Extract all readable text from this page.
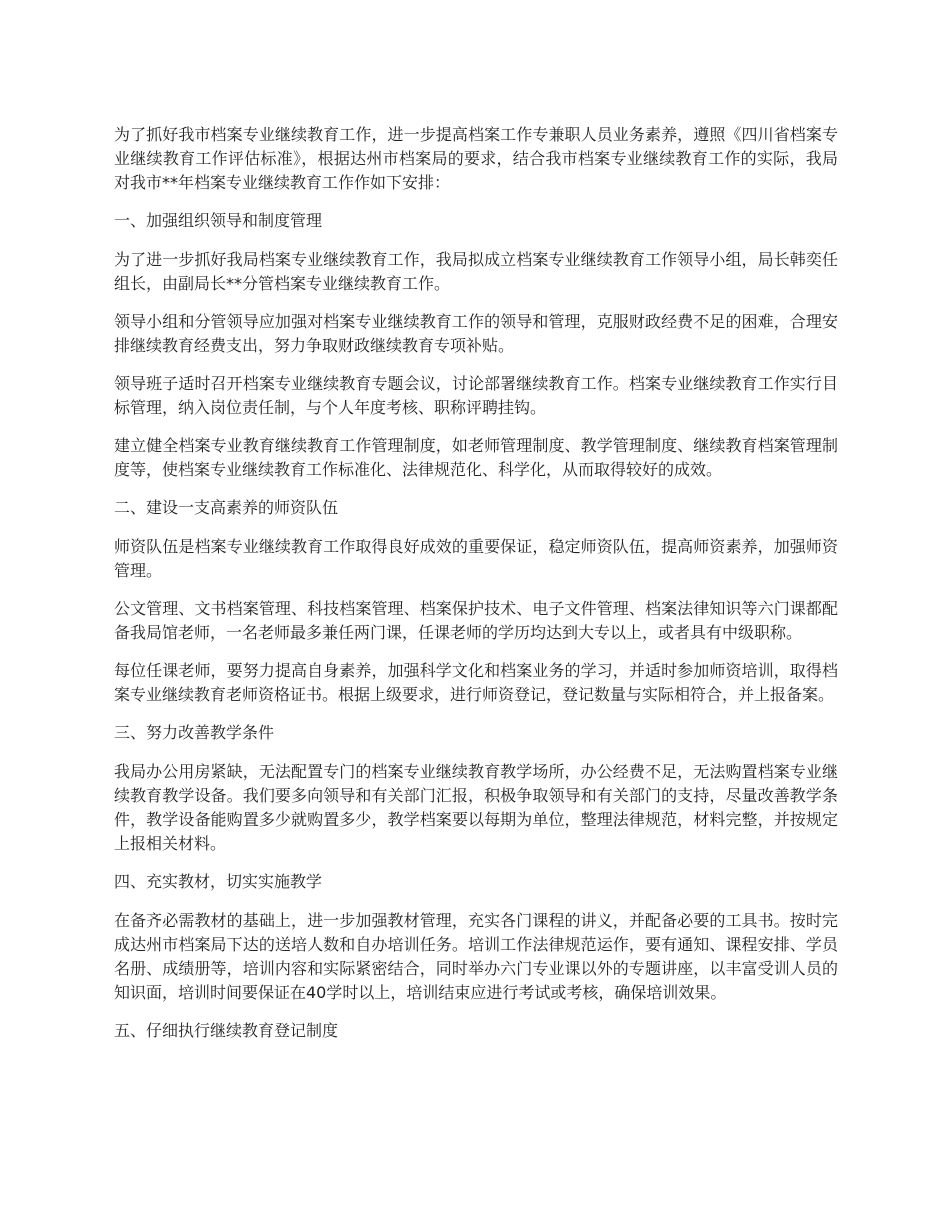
为了抓好我市档案专业继续教育工作，进一步提高档案工作专兼职人员业务素养，遵照《四川省档案专业继续教育工作评估标准》，根据达州市档案局的要求，结合我市档案专业继续教育工作的实际，我局对我市**年档案专业继续教育工作作如下安排：

一、加强组织领导和制度管理

为了进一步抓好我局档案专业继续教育工作，我局拟成立档案专业继续教育工作领导小组，局长韩奕任组长，由副局长**分管档案专业继续教育工作。

领导小组和分管领导应加强对档案专业继续教育工作的领导和管理，克服财政经费不足的困难，合理安排继续教育经费支出，努力争取财政继续教育专项补贴。

领导班子适时召开档案专业继续教育专题会议，讨论部署继续教育工作。档案专业继续教育工作实行目标管理，纳入岗位责任制，与个人年度考核、职称评聘挂钩。

建立健全档案专业教育继续教育工作管理制度，如老师管理制度、教学管理制度、继续教育档案管理制度等，使档案专业继续教育工作标准化、法律规范化、科学化，从而取得较好的成效。

二、建设一支高素养的师资队伍

师资队伍是档案专业继续教育工作取得良好成效的重要保证，稳定师资队伍，提高师资素养，加强师资管理。

公文管理、文书档案管理、科技档案管理、档案保护技术、电子文件管理、档案法律知识等六门课都配备我局馆老师，一名老师最多兼任两门课，任课老师的学历均达到大专以上，或者具有中级职称。

每位任课老师，要努力提高自身素养，加强科学文化和档案业务的学习，并适时参加师资培训，取得档案专业继续教育老师资格证书。根据上级要求，进行师资登记，登记数量与实际相符合，并上报备案。

三、努力改善教学条件

我局办公用房紧缺，无法配置专门的档案专业继续教育教学场所，办公经费不足，无法购置档案专业继续教育教学设备。我们要多向领导和有关部门汇报，积极争取领导和有关部门的支持，尽量改善教学条件，教学设备能购置多少就购置多少，教学档案要以每期为单位，整理法律规范，材料完整，并按规定上报相关材料。

四、充实教材，切实实施教学

在备齐必需教材的基础上，进一步加强教材管理，充实各门课程的讲义，并配备必要的工具书。按时完成达州市档案局下达的送培人数和自办培训任务。培训工作法律规范运作，要有通知、课程安排、学员名册、成绩册等，培训内容和实际紧密结合，同时举办六门专业课以外的专题讲座，以丰富受训人员的知识面，培训时间要保证在40学时以上，培训结束应进行考试或考核，确保培训效果。

五、仔细执行继续教育登记制度
